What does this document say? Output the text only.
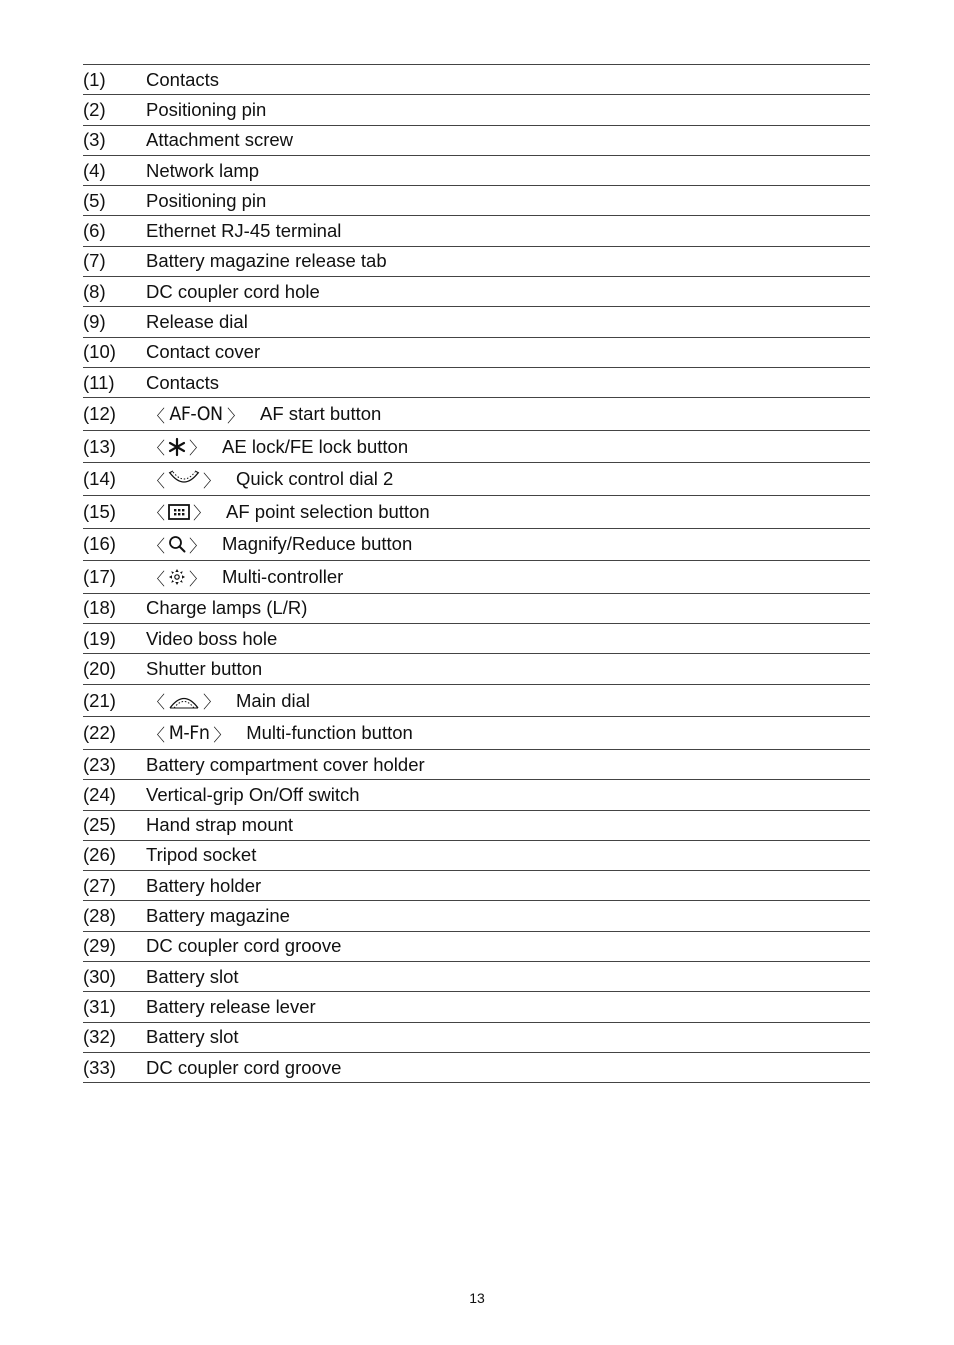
(1)	Contacts
(2)	Positioning pin
(3)	Attachment screw
(4)	Network lamp
(5)	Positioning pin
(6)	Ethernet RJ-45 terminal
(7)	Battery magazine release tab
(8)	DC coupler cord hole
(9)	Release dial
(10)	Contact cover
(11)	Contacts
(12)	〈 AF-ON 〉 AF start button
(13)	〈 〉 AE lock/FE lock button
(14)	〈 〉 Quick control dial 2
(15)	〈 〉 AF point selection button
(16)	〈 〉 Magnify/Reduce button
(17)	〈 〉 Multi-controller
(18)	Charge lamps (L/R)
(19)	Video boss hole
(20)	Shutter button
(21)	〈 〉 Main dial
(22)	〈 M-Fn 〉 Multi-function button
(23)	Battery compartment cover holder
(24)	Vertical-grip On/Off switch
(25)	Hand strap mount
(26)	Tripod socket
(27)	Battery holder
(28)	Battery magazine
(29)	DC coupler cord groove
(30)	Battery slot
(31)	Battery release lever
(32)	Battery slot
(33)	DC coupler cord groove
13
